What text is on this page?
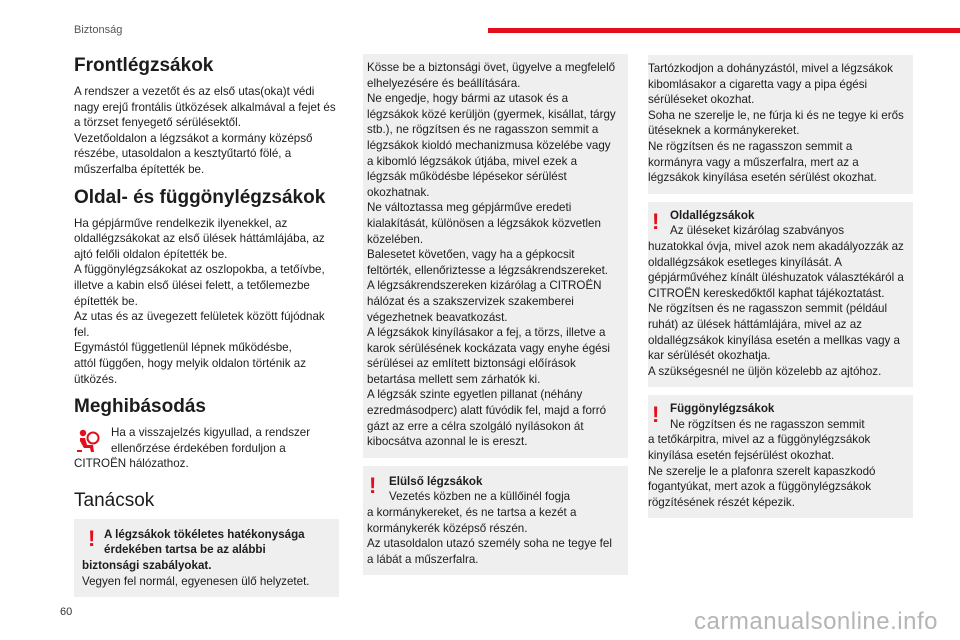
Biztonság
Frontlégzsákok

A rendszer a vezetőt és az első utas(oka)t védi nagy erejű frontális ütközések alkalmával a fejet és a törzset fenyegető sérülésektől.
Vezetőoldalon a légzsákot a kormány középső részébe, utasoldalon a kesztyűtartó fölé, a műszerfalba építették be.

Oldal- és függönylégzsákok

Ha gépjárműve rendelkezik ilyenekkel, az oldallégzsákokat az első ülések háttámlájába, az ajtó felőli oldalon építették be.
A függönylégzsákokat az oszlopokba, a tetőívbe, illetve a kabin első ülései felett, a tetőlemezbe építették be.
Az utas és az üvegezett felületek között fújódnak fel.
Egymástól függetlenül lépnek működésbe,
attól függően, hogy melyik oldalon történik az ütközés.

Meghibásodás

Ha a visszajelzés kigyullad, a rendszer ellenőrzése érdekében forduljon a

CITROËN hálózathoz.

Tanácsok
! A légzsákok tökéletes hatékonysága érdekében tartsa be az alábbi
biztonsági szabályokat.
Vegyen fel normál, egyenesen ülő helyzetet.

Kösse be a biztonsági övet, ügyelve a megfelelő elhelyezésére és beállítására.
Ne engedje, hogy bármi az utasok és a légzsákok közé kerüljön (gyermek, kisállat, tárgy stb.), ne rögzítsen és ne ragasszon semmit a légzsákok kioldó mechanizmusa közelébe vagy a kibomló légzsákok útjába, mivel ezek a légzsák működésbe lépésekor sérülést okozhatnak.
Ne változtassa meg gépjárműve eredeti kialakítását, különösen a légzsákok közvetlen közelében.
Balesetet követően, vagy ha a gépkocsit feltörték, ellenőriztesse a légzsákrendszereket.
A légzsákrendszereken kizárólag a CITROËN hálózat és a szakszervizek szakemberei végezhetnek beavatkozást.
A légzsákok kinyílásakor a fej, a törzs, illetve a karok sérülésének kockázata vagy enyhe égési sérülései az említett biztonsági előírások betartása mellett sem zárhatók ki.
A légzsák szinte egyetlen pillanat (néhány ezredmásodperc) alatt fúvódik fel, majd a forró gázt az erre a célra szolgáló nyílásokon át kibocsátva azonnal le is ereszt.

!	Elülső légzsákok
Vezetés közben ne a küllőinél fogja
a kormánykereket, és ne tartsa a kezét a kormánykerék középső részén.
Az utasoldalon utazó személy soha ne tegye fel a lábát a műszerfalra.

Tartózkodjon a dohányzástól, mivel a légzsákok kibomlásakor a cigaretta vagy a pipa égési sérüléseket okozhat.
Soha ne szerelje le, ne fúrja ki és ne tegye ki erős ütéseknek a kormánykereket.
Ne rögzítsen és ne ragasszon semmit a kormányra vagy a műszerfalra, mert az a légzsákok kinyílása esetén sérülést okozhat.

! Oldallégzsákok
Az üléseket kizárólag szabványos
huzatokkal óvja, mivel azok nem akadályozzák az oldallégzsákok esetleges kinyílását. A gépjárművéhez kínált üléshuzatok választékáról a CITROËN kereskedőktől kaphat tájékoztatást.
Ne rögzítsen és ne ragasszon semmit (például ruhát) az ülések háttámlájára, mivel az az oldallégzsákok kinyílása esetén a mellkas vagy a kar sérülését okozhatja.
A szükségesnél ne üljön közelebb az ajtóhoz.
! Függönylégzsákok
Ne rögzítsen és ne ragasszon semmit
a tetőkárpitra, mivel az a függönylégzsákok kinyílása esetén fejsérülést okozhat.
Ne szerelje le a plafonra szerelt kapaszkodó fogantyúkat, mert azok a függönylégzsákok rögzítésének részét képezik.
60	carmanualsonline.info
